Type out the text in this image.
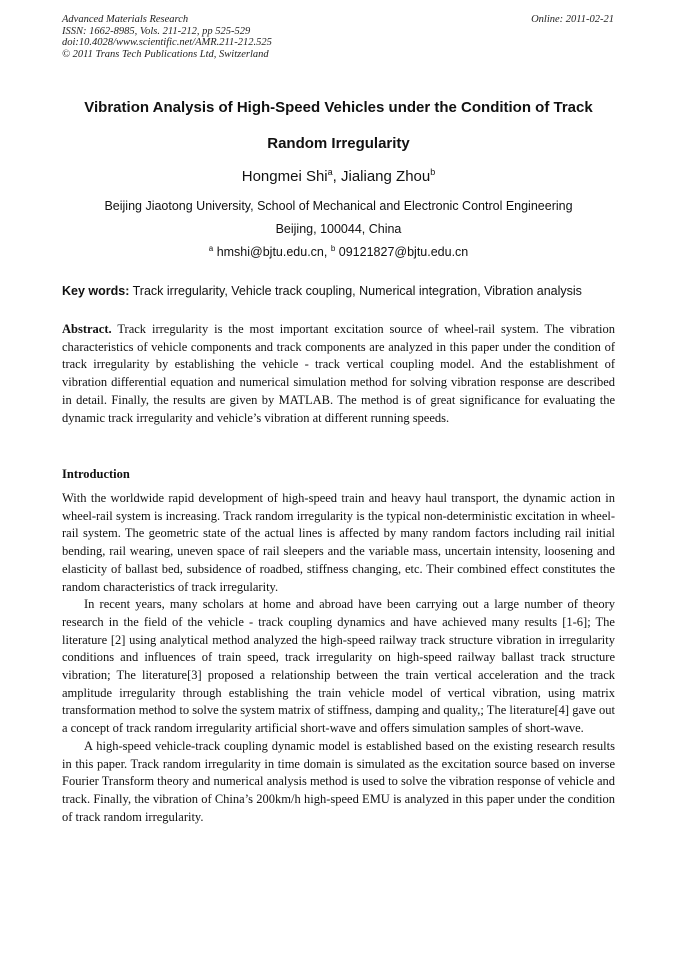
Advanced Materials Research
ISSN: 1662-8985, Vols. 211-212, pp 525-529
doi:10.4028/www.scientific.net/AMR.211-212.525
© 2011 Trans Tech Publications Ltd, Switzerland
Online: 2011-02-21
Vibration Analysis of High-Speed Vehicles under the Condition of Track Random Irregularity
Hongmei Shi$^a$, Jialiang Zhou$^b$
Beijing Jiaotong University, School of Mechanical and Electronic Control Engineering
Beijing, 100044, China
$^a$ hmshi@bjtu.edu.cn, $^b$ 09121827@bjtu.edu.cn
Key words: Track irregularity, Vehicle track coupling, Numerical integration, Vibration analysis
Abstract. Track irregularity is the most important excitation source of wheel-rail system. The vibration characteristics of vehicle components and track components are analyzed in this paper under the condition of track irregularity by establishing the vehicle - track vertical coupling model. And the establishment of vibration differential equation and numerical simulation method for solving vibration response are described in detail. Finally, the results are given by MATLAB. The method is of great significance for evaluating the dynamic track irregularity and vehicle’s vibration at different running speeds.
Introduction

With the worldwide rapid development of high-speed train and heavy haul transport, the dynamic action in wheel-rail system is increasing. Track random irregularity is the typical non-deterministic excitation in wheel-rail system. The geometric state of the actual lines is affected by many random factors including rail initial bending, rail wearing, uneven space of rail sleepers and the variable mass, uncertain intensity, loosening and elasticity of ballast bed, subsidence of roadbed, stiffness changing, etc. Their combined effect constitutes the random characteristics of track irregularity.

In recent years, many scholars at home and abroad have been carrying out a large number of theory research in the field of the vehicle - track coupling dynamics and have achieved many results [1-6]; The literature [2] using analytical method analyzed the high-speed railway track structure vibration in irregularity conditions and influences of train speed, track irregularity on high-speed railway ballast track structure vibration; The literature[3] proposed a relationship between the train vertical acceleration and the track amplitude irregularity through establishing the train vehicle model of vertical vibration, using matrix transformation method to solve the system matrix of stiffness, damping and quality,; The literature[4] gave out a concept of track random irregularity artificial short-wave and offers simulation samples of short-wave.

A high-speed vehicle-track coupling dynamic model is established based on the existing research results in this paper. Track random irregularity in time domain is simulated as the excitation source based on inverse Fourier Transform theory and numerical analysis method is used to solve the vibration response of vehicle and track. Finally, the vibration of China’s 200km/h high-speed EMU is analyzed in this paper under the condition of track random irregularity.
